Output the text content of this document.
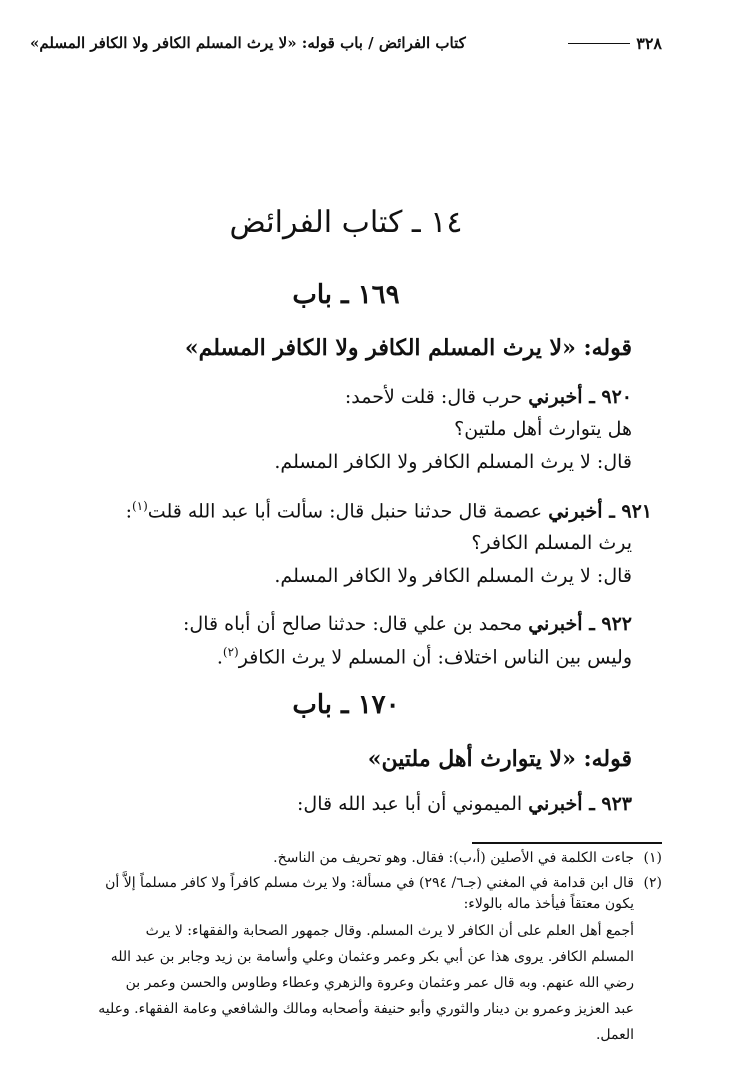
٣٢٨
كتاب الفرائض / باب قوله: «لا يرث المسلم الكافر ولا الكافر المسلم»
١٤ ـ كتاب الفرائض
١٦٩ ـ باب
قوله: «لا يرث المسلم الكافر ولا الكافر المسلم»
٩٢٠ ـ أخبرني حرب قال: قلت لأحمد:
هل يتوارث أهل ملتين؟
قال: لا يرث المسلم الكافر ولا الكافر المسلم.
٩٢١ ـ أخبرني عصمة قال حدثنا حنبل قال: سألت أبا عبد الله قلت$^{(١)}$:
يرث المسلم الكافر؟
قال: لا يرث المسلم الكافر ولا الكافر المسلم.
٩٢٢ ـ أخبرني محمد بن علي قال: حدثنا صالح أن أباه قال:
وليس بين الناس اختلاف: أن المسلم لا يرث الكافر$^{(٢)}$.
١٧٠ ـ باب
قوله: «لا يتوارث أهل ملتين»
٩٢٣ ـ أخبرني الميموني أن أبا عبد الله قال:
(١)جاءت الكلمة في الأصلين (أ،ب): فقال. وهو تحريف من الناسخ.
(٢)قال ابن قدامة في المغني (جـ٦/ ٢٩٤) في مسألة: ولا يرث مسلم كافراً ولا كافر مسلماً إلاَّ أن
يكون معتقاً فيأخذ ماله بالولاء:
أجمع أهل العلم على أن الكافر لا يرث المسلم. وقال جمهور الصحابة والفقهاء: لا يرث
المسلم الكافر. يروى هذا عن أبي بكر وعمر وعثمان وعلي وأسامة بن زيد وجابر بن عبد الله
رضي الله عنهم. وبه قال عمر وعثمان وعروة والزهري وعطاء وطاوس والحسن وعمر بن
عبد العزيز وعمرو بن دينار والثوري وأبو حنيفة وأصحابه ومالك والشافعي وعامة الفقهاء. وعليه
العمل.
